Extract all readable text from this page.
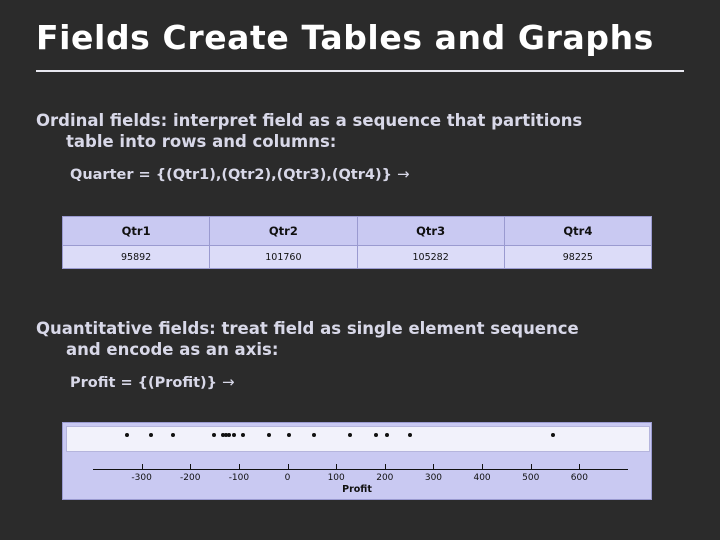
Fields Create Tables and Graphs
Ordinal fields: interpret field as a sequence that partitions
table into rows and columns:
Quarter = {(Qtr1),(Qtr2),(Qtr3),(Qtr4)} →
Qtr1	Qtr2	Qtr3	Qtr4
95892	101760	105282	98225
Quantitative fields: treat field as single element sequence
and encode as an axis:
Profit = {(Profit)} →
-300	-200	-100	0	100	200	300	400	500	600
Profit
